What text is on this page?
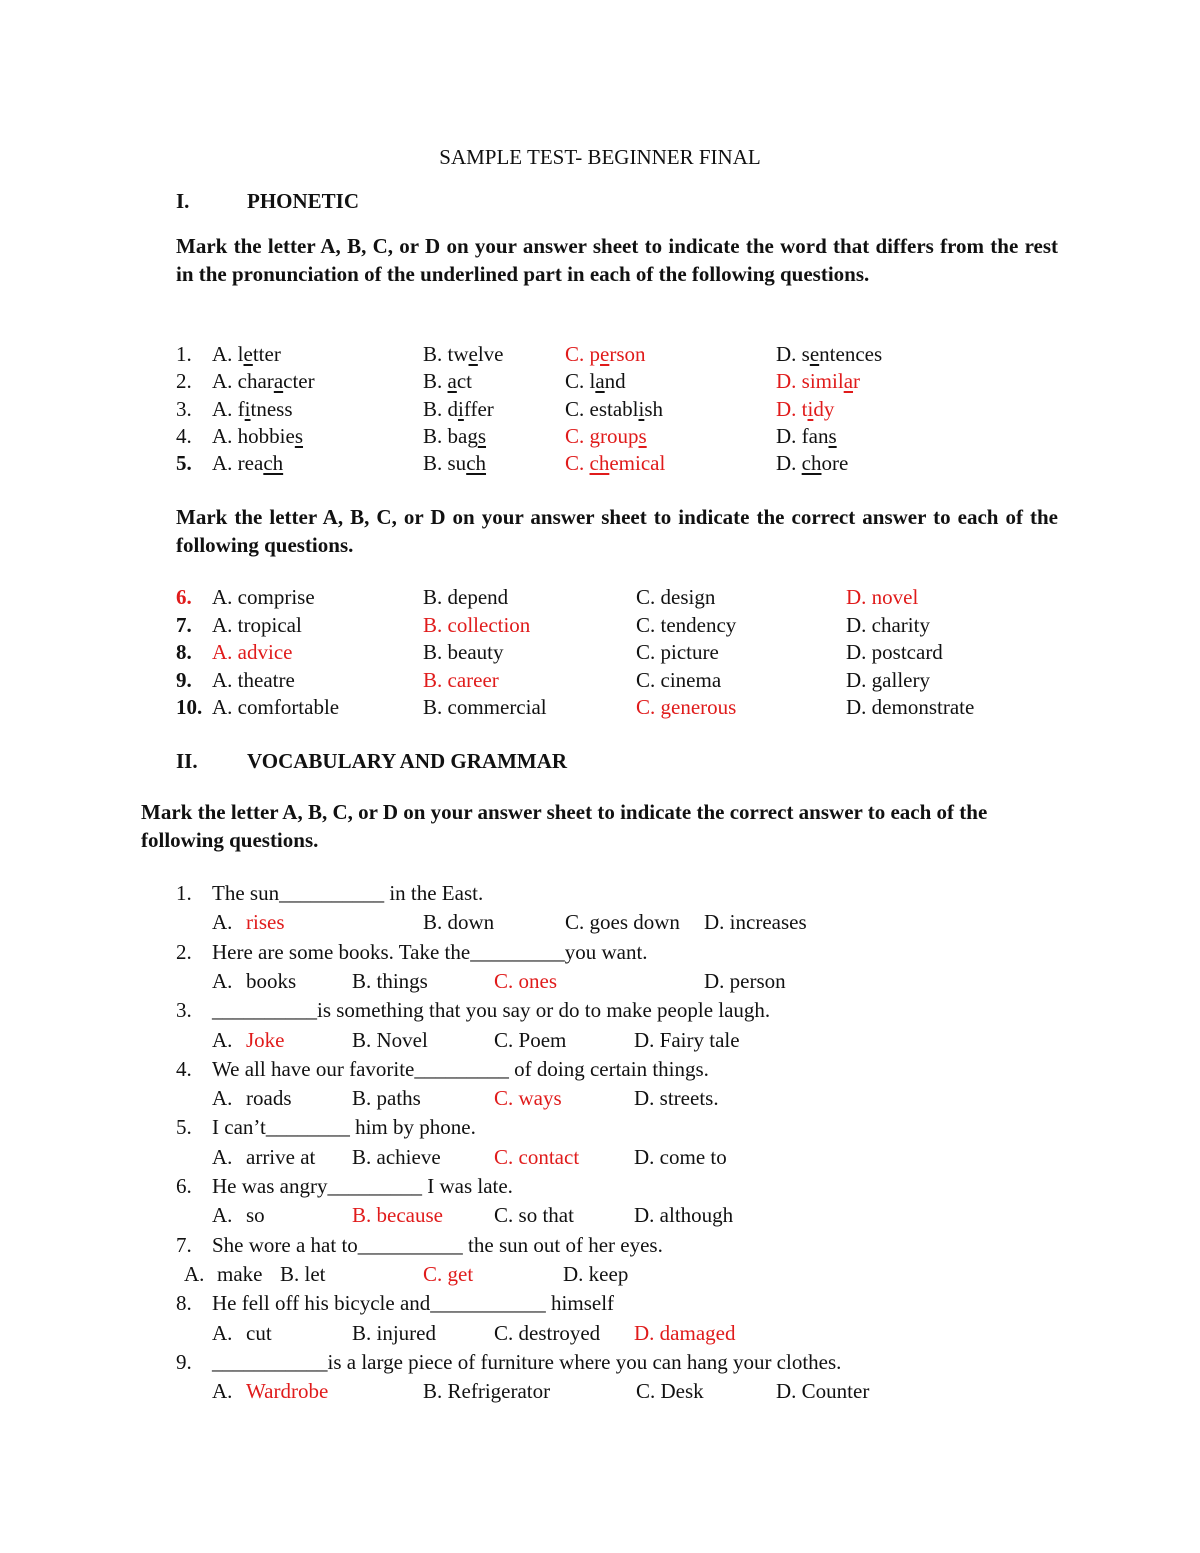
SAMPLE TEST- BEGINNER FINAL
I.	PHONETIC
Mark the letter A, B, C, or D on your answer sheet to indicate the word that differs from the rest in the pronunciation of the underlined part in each of the following questions.
1. A. letter	B. twelve	C. person	D. sentences
2. A. character	B. act	C. land	D. similar
3. A. fitness	B. differ	C. establish	D. tidy
4. A. hobbies	B. bags	C. groups	D. fans
5. A. reach	B. such	C. chemical	D. chore
Mark the letter A, B, C, or D on your answer sheet to indicate the correct answer to each of the following questions.
6. A. comprise	B. depend	C. design	D. novel
7. A. tropical	B. collection	C. tendency	D. charity
8. A. advice	B. beauty	C. picture	D. postcard
9. A. theatre	B. career	C. cinema	D. gallery
10. A. comfortable	B. commercial	C. generous	D. demonstrate
II. VOCABULARY AND GRAMMAR
Mark the letter A, B, C, or D on your answer sheet to indicate the correct answer to each of the following questions.
1. The sun__________ in the East.
A. rises	B. down	C. goes down D. increases
2. Here are some books. Take the_________you want.
A. books	B. things	C. ones	D. person
3. __________is something that you say or do to make people laugh.
A. Joke	B. Novel	C. Poem	D. Fairy tale
4. We all have our favorite_________ of doing certain things.
A. roads	B. paths	C. ways	D. streets.
5. I can’t________ him by phone.
A. arrive at B. achieve	C. contact	D. come to
6. He was angry_________ I was late.
A. so	B. because C. so that	D. although
7. She wore a hat to__________ the sun out of her eyes.
A. make B. let	C. get	D. keep
8. He fell off his bicycle and___________ himself
A. cut	B. injured	C. destroyed D. damaged
9. ___________is a large piece of furniture where you can hang your clothes.
A. Wardrobe	B. Refrigerator	C. Desk	D. Counter
